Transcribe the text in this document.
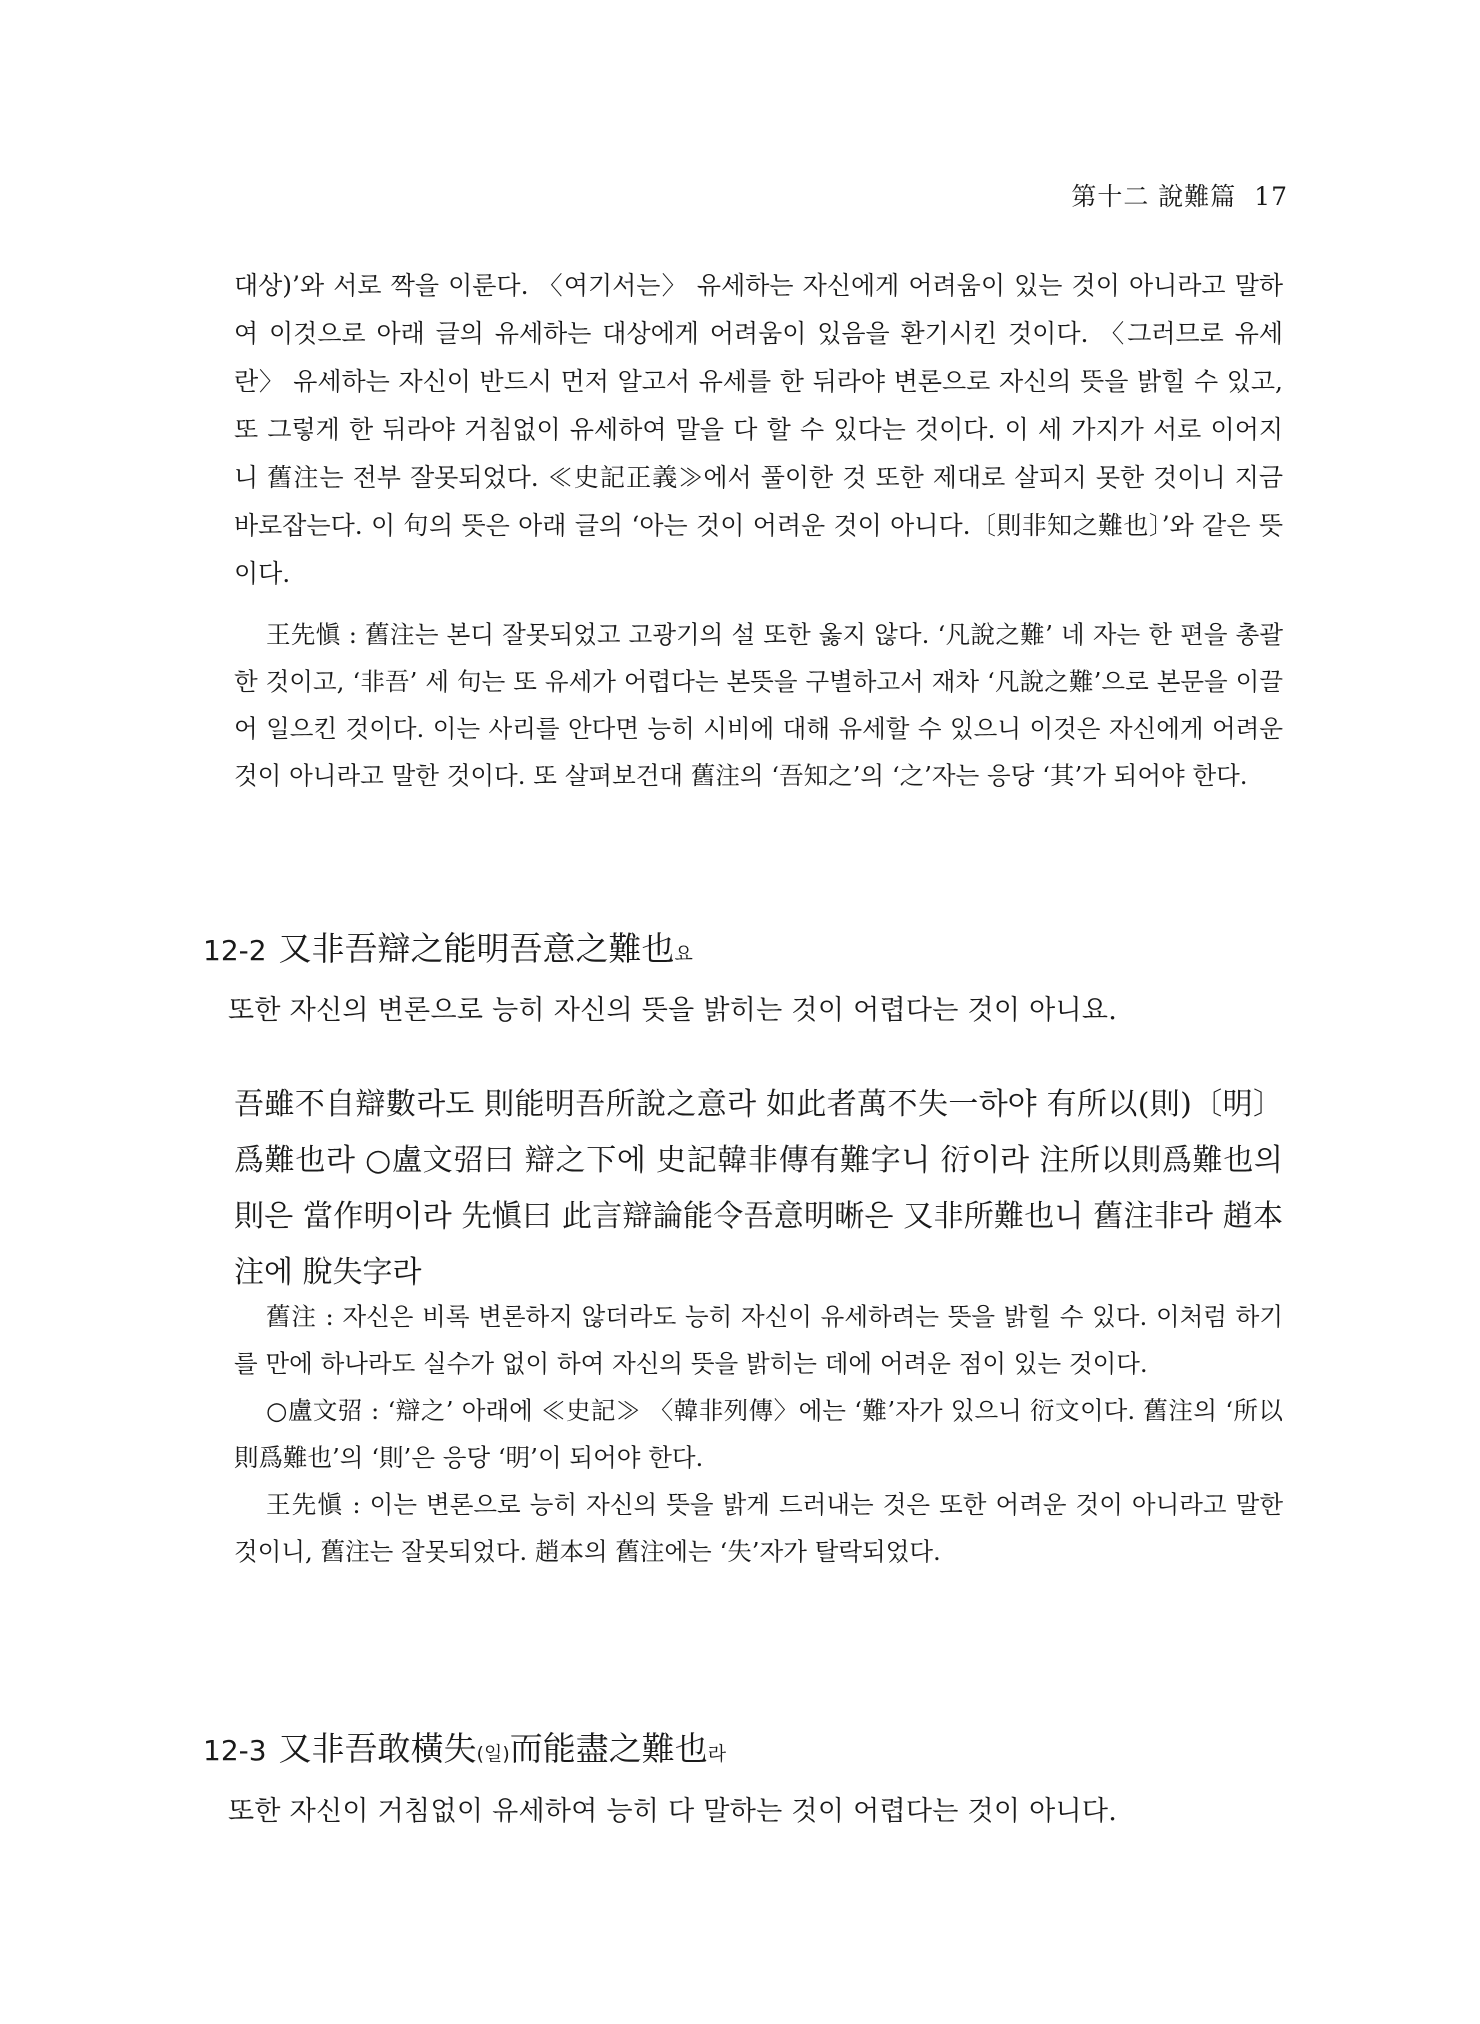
第十二 說難篇 17

대상)’와 서로 짝을 이룬다. 〈여기서는〉 유세하는 자신에게 어려움이 있는 것이 아니라고 말하여 이것으로 아래 글의 유세하는 대상에게 어려움이 있음을 환기시킨 것이다. 〈그러므로 유세란〉 유세하는 자신이 반드시 먼저 알고서 유세를 한 뒤라야 변론으로 자신의 뜻을 밝힐 수 있고, 또 그렇게 한 뒤라야 거침없이 유세하여 말을 다 할 수 있다는 것이다. 이 세 가지가 서로 이어지니 舊注는 전부 잘못되었다. ≪史記正義≫에서 풀이한 것 또한 제대로 살피지 못한 것이니 지금 바로잡는다. 이 句의 뜻은 아래 글의 ‘아는 것이 어려운 것이 아니다.〔則非知之難也〕’와 같은 뜻이다.

王先愼 : 舊注는 본디 잘못되었고 고광기의 설 또한 옳지 않다. ‘凡說之難’ 네 자는 한 편을 총괄한 것이고, ‘非吾’ 세 句는 또 유세가 어렵다는 본뜻을 구별하고서 재차 ‘凡說之難’으로 본문을 이끌어 일으킨 것이다. 이는 사리를 안다면 능히 시비에 대해 유세할 수 있으니 이것은 자신에게 어려운 것이 아니라고 말한 것이다. 또 살펴보건대 舊注의 ‘吾知之’의 ‘之’자는 응당 ‘其’가 되어야 한다.

12-2 又非吾辯之能明吾意之難也요

또한 자신의 변론으로 능히 자신의 뜻을 밝히는 것이 어렵다는 것이 아니요.

吾雖不自辯數라도 則能明吾所說之意라 如此者萬不失一하야 有所以(則)〔明〕爲難也라 ○盧文弨曰 辯之下에 史記韓非傳有難字니 衍이라 注所以則爲難也의 則은 當作明이라 先愼曰 此言辯論能令吾意明晰은 又非所難也니 舊注非라 趙本注에 脫失字라

舊注 : 자신은 비록 변론하지 않더라도 능히 자신이 유세하려는 뜻을 밝힐 수 있다. 이처럼 하기를 만에 하나라도 실수가 없이 하여 자신의 뜻을 밝히는 데에 어려운 점이 있는 것이다.

○盧文弨 : ‘辯之’ 아래에 ≪史記≫ 〈韓非列傳〉에는 ‘難’자가 있으니 衍文이다. 舊注의 ‘所以則爲難也’의 ‘則’은 응당 ‘明’이 되어야 한다.

王先愼 : 이는 변론으로 능히 자신의 뜻을 밝게 드러내는 것은 또한 어려운 것이 아니라고 말한 것이니, 舊注는 잘못되었다. 趙本의 舊注에는 ‘失’자가 탈락되었다.

12-3 又非吾敢橫失(일)而能盡之難也라

또한 자신이 거침없이 유세하여 능히 다 말하는 것이 어렵다는 것이 아니다.
